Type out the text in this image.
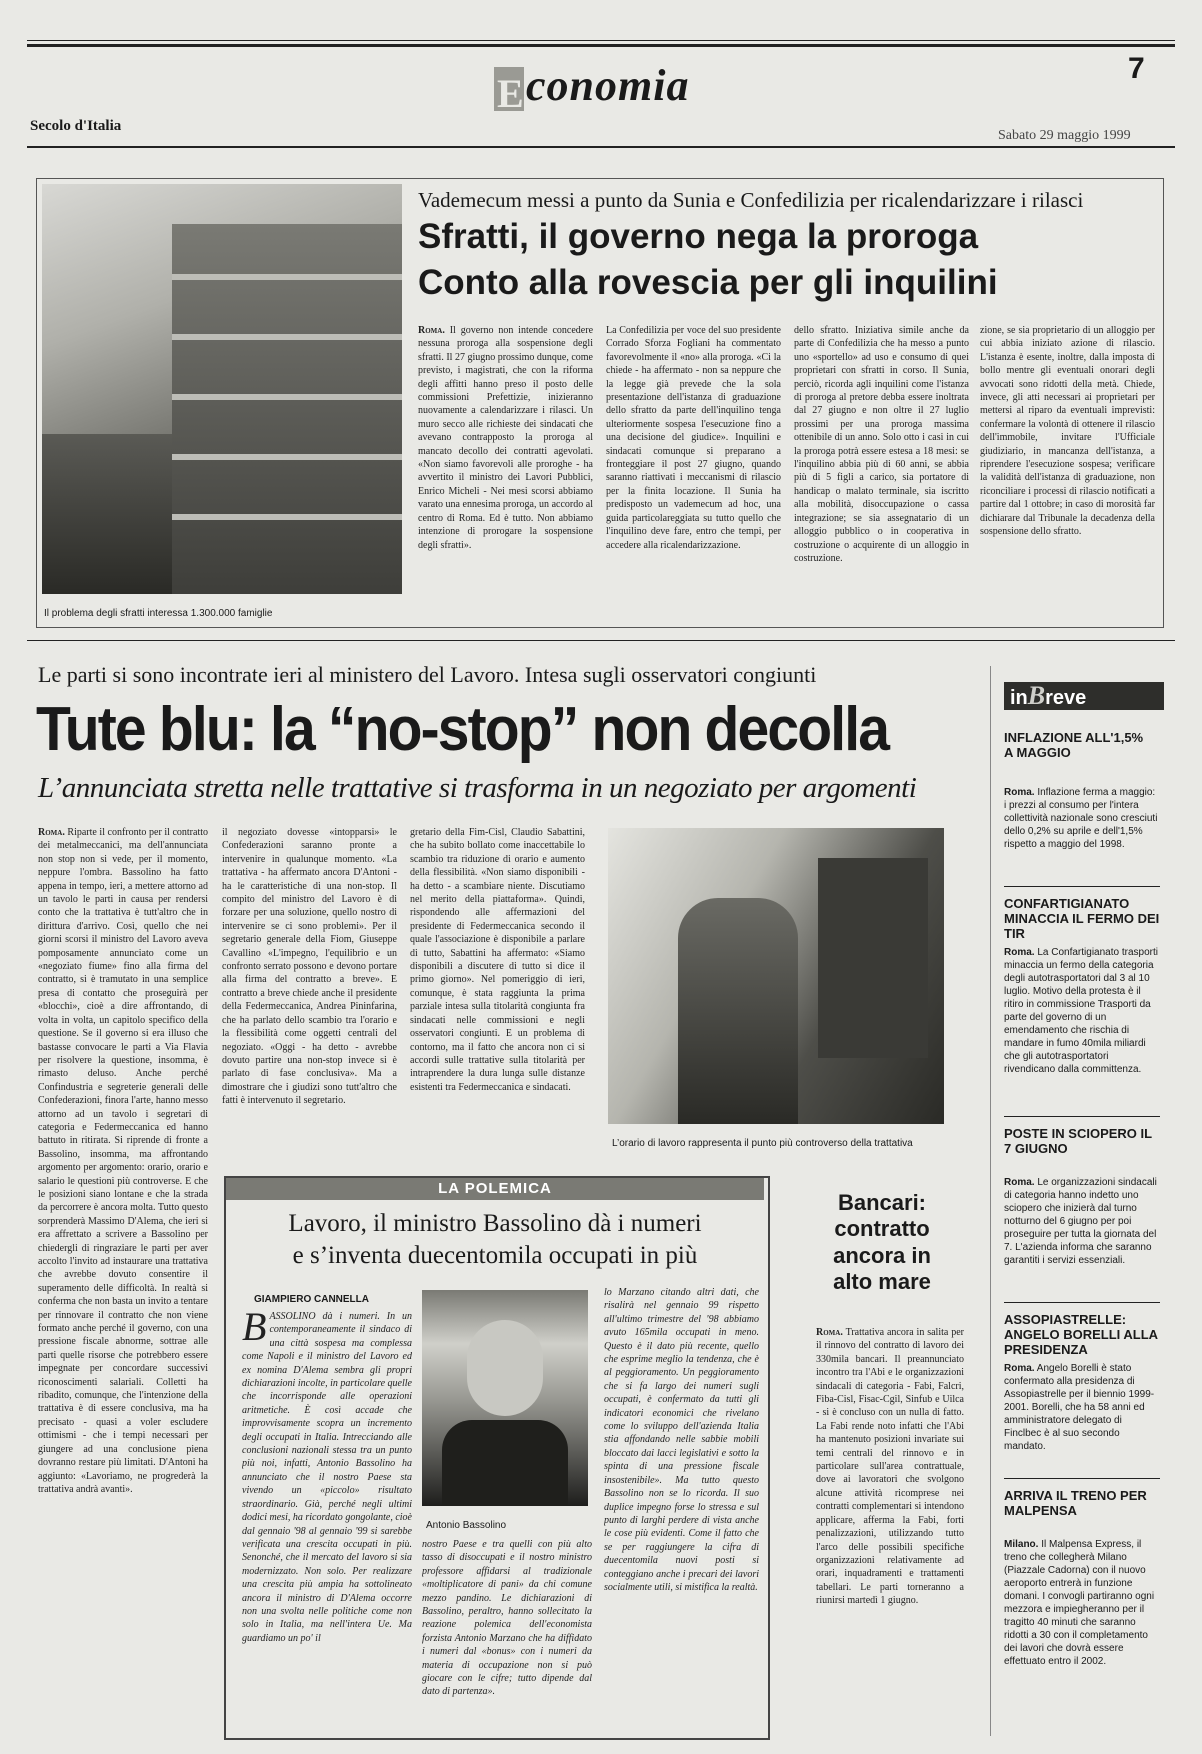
Secolo d'Italia
Economia	7
Sabato 29 maggio 1999
Il problema degli sfratti interessa 1.300.000 famiglie
Vademecum messi a punto da Sunia e Confedilizia per ricalendarizzare i rilasci
Sfratti, il governo nega la proroga
Conto alla rovescia per gli inquilini
Roma. Il governo non intende concedere nessuna proroga alla sospensione degli sfratti. Il 27 giugno prossimo dunque, come previsto, i magistrati, che con la riforma degli affitti hanno preso il posto delle commissioni Prefettizie, inizieranno nuovamente a calendarizzare i rilasci. Un muro secco alle richieste dei sindacati che avevano contrapposto la proroga al mancato decollo dei contratti agevolati. «Non siamo favorevoli alle proroghe - ha avvertito il ministro dei Lavori Pubblici, Enrico Micheli - Nei mesi scorsi abbiamo varato una ennesima proroga, un accordo al centro di Roma. Ed è tutto. Non abbiamo intenzione di prorogare la sospensione degli sfratti».
La Confedilizia per voce del suo presidente Corrado Sforza Fogliani ha commentato favorevolmente il «no» alla proroga. «Ci la chiede - ha affermato - non sa neppure che la legge già prevede che la sola presentazione dell'istanza di graduazione dello sfratto da parte dell'inquilino tenga ulteriormente sospesa l'esecuzione fino a una decisione del giudice». Inquilini e sindacati comunque si preparano a fronteggiare il post 27 giugno, quando saranno riattivati i meccanismi di rilascio per la finita locazione. Il Sunia ha predisposto un vademecum ad hoc, una guida particolareggiata su tutto quello che l'inquilino deve fare, entro che tempi, per accedere alla ricalendarizzazione.
dello sfratto. Iniziativa simile anche da parte di Confedilizia che ha messo a punto uno «sportello» ad uso e consumo di quei proprietari con sfratti in corso. Il Sunia, perciò, ricorda agli inquilini come l'istanza di proroga al pretore debba essere inoltrata dal 27 giugno e non oltre il 27 luglio prossimi per una proroga massima ottenibile di un anno. Solo otto i casi in cui la proroga potrà essere estesa a 18 mesi: se l'inquilino abbia più di 60 anni, se abbia più di 5 figli a carico, sia portatore di handicap o malato terminale, sia iscritto alla mobilità, disoccupazione o cassa integrazione; se sia assegnatario di un alloggio pubblico o in cooperativa in costruzione o acquirente di un alloggio in costruzione.
zione, se sia proprietario di un alloggio per cui abbia iniziato azione di rilascio. L'istanza è esente, inoltre, dalla imposta di bollo mentre gli eventuali onorari degli avvocati sono ridotti della metà. Chiede, invece, gli atti necessari ai proprietari per mettersi al riparo da eventuali imprevisti: confermare la volontà di ottenere il rilascio dell'immobile, invitare l'Ufficiale giudiziario, in mancanza dell'istanza, a riprendere l'esecuzione sospesa; verificare la validità dell'istanza di graduazione, non riconciliare i processi di rilascio notificati a partire dal 1 ottobre; in caso di morosità far dichiarare dal Tribunale la decadenza della sospensione dello sfratto.
Le parti si sono incontrate ieri al ministero del Lavoro. Intesa sugli osservatori congiunti
Tute blu: la “no-stop” non decolla
L’annunciata stretta nelle trattative si trasforma in un negoziato per argomenti
Roma. Riparte il confronto per il contratto dei metalmeccanici, ma dell'annunciata non stop non si vede, per il momento, neppure l'ombra. Bassolino ha fatto appena in tempo, ieri, a mettere attorno ad un tavolo le parti in causa per rendersi conto che la trattativa è tutt'altro che in dirittura d'arrivo. Così, quello che nei giorni scorsi il ministro del Lavoro aveva pomposamente annunciato come un «negoziato fiume» fino alla firma del contratto, si è tramutato in una semplice presa di contatto che proseguirà per «blocchi», cioè a dire affrontando, di volta in volta, un capitolo specifico della questione. Se il governo si era illuso che bastasse convocare le parti a Via Flavia per risolvere la questione, insomma, è rimasto deluso. Anche perché Confindustria e segreterie generali delle Confederazioni, finora l'arte, hanno messo attorno ad un tavolo i segretari di categoria e Federmeccanica ed hanno battuto in ritirata. Si riprende di fronte a Bassolino, insomma, ma affrontando argomento per argomento: orario, orario e salario le questioni più controverse. E che le posizioni siano lontane e che la strada da percorrere è ancora molta. Tutto questo sorprenderà Massimo D'Alema, che ieri si era affrettato a scrivere a Bassolino per chiedergli di ringraziare le parti per aver accolto l'invito ad instaurare una trattativa che avrebbe dovuto consentire il superamento delle difficoltà. In realtà si conferma che non basta un invito a tentare per rinnovare il contratto che non viene formato anche perché il governo, con una pressione fiscale abnorme, sottrae alle parti quelle risorse che potrebbero essere impegnate per concordare successivi riconoscimenti salariali. Colletti ha ribadito, comunque, che l'intenzione della trattativa è di essere conclusiva, ma ha precisato - quasi a voler escludere ottimismi - che i tempi necessari per giungere ad una conclusione piena dovranno restare più limitati. D'Antoni ha aggiunto: «Lavoriamo, ne progrederà la trattativa andrà avanti».
il negoziato dovesse «intopparsi» le Confederazioni saranno pronte a intervenire in qualunque momento. «La trattativa - ha affermato ancora D'Antoni - ha le caratteristiche di una non-stop. Il compito del ministro del Lavoro è di forzare per una soluzione, quello nostro di intervenire se ci sono problemi». Per il segretario generale della Fiom, Giuseppe Cavallino «L'impegno, l'equilibrio e un confronto serrato possono e devono portare alla firma del contratto a breve». E contratto a breve chiede anche il presidente della Federmeccanica, Andrea Pininfarina, che ha parlato dello scambio tra l'orario e la flessibilità come oggetti centrali del negoziato. «Oggi - ha detto - avrebbe dovuto partire una non-stop invece si è parlato di fase conclusiva». Ma a dimostrare che i giudizi sono tutt'altro che fatti è intervenuto il segretario.
gretario della Fim-Cisl, Claudio Sabattini, che ha subito bollato come inaccettabile lo scambio tra riduzione di orario e aumento della flessibilità. «Non siamo disponibili - ha detto - a scambiare niente. Discutiamo nel merito della piattaforma». Quindi, rispondendo alle affermazioni del presidente di Federmeccanica secondo il quale l'associazione è disponibile a parlare di tutto, Sabattini ha affermato: «Siamo disponibili a discutere di tutto si dice il primo giorno». Nel pomeriggio di ieri, comunque, è stata raggiunta la prima parziale intesa sulla titolarità congiunta fra sindacati nelle commissioni e negli osservatori congiunti. E un problema di contorno, ma il fatto che ancora non ci si accordi sulle trattative sulla titolarità per intraprendere la dura lunga sulle distanze esistenti tra Federmeccanica e sindacati.
L’orario di lavoro rappresenta il punto più controverso della trattativa
LA POLEMICA
Lavoro, il ministro Bassolino dà i numeri
e s’inventa duecentomila occupati in più
GIAMPIERO CANNELLA
BASSOLINO dà i numeri. In un contemporaneamente il sindaco di una città sospesa ma complessa come Napoli e il ministro del Lavoro ed ex nomina D'Alema sembra gli propri dichiarazioni incolte, in particolare quelle che incorrisponde alle operazioni aritmetiche. È così accade che improvvisamente scopra un incremento degli occupati in Italia. Intrecciando alle conclusioni nazionali stessa tra un punto più noi, infatti, Antonio Bassolino ha annunciato che il nostro Paese sta vivendo un «piccolo» risultato straordinario. Già, perché negli ultimi dodici mesi, ha ricordato gongolante, cioè dal gennaio '98 al gennaio '99 si sarebbe verificata una crescita occupati in più. Senonché, che il mercato del lavoro si sia modernizzato. Non solo. Per realizzare una crescita più ampia ha sottolineato ancora il ministro di D'Alema occorre non una svolta nelle politiche come non solo in Italia, ma nell'intera Ue. Ma guardiamo un po' il
Antonio Bassolino
nostro Paese e tra quelli con più alto tasso di disoccupati e il nostro ministro professore affidarsi al tradizionale «moltiplicatore di pani» da chi comune mezzo pandino. Le dichiarazioni di Bassolino, peraltro, hanno sollecitato la reazione polemica dell'economista forzista Antonio Marzano che ha diffidato i numeri dal «bonus» con i numeri da materia di occupazione non si può giocare con le cifre; tutto dipende dal dato di partenza».
lo Marzano citando altri dati, che risalirà nel gennaio 99 rispetto all'ultimo trimestre del '98 abbiamo avuto 165mila occupati in meno. Questo è il dato più recente, quello che esprime meglio la tendenza, che è al peggioramento. Un peggioramento che si fa largo dei numeri sugli occupati, è confermato da tutti gli indicatori economici che rivelano come lo sviluppo dell'azienda Italia stia affondando nelle sabbie mobili bloccato dai lacci legislativi e sotto la spinta di una pressione fiscale insostenibile». Ma tutto questo Bassolino non se lo ricorda. Il suo duplice impegno forse lo stressa e sul punto di larghi perdere di vista anche le cose più evidenti. Come il fatto che se per raggiungere la cifra di duecentomila nuovi posti si conteggiano anche i precari dei lavori socialmente utili, si mistifica la realtà.
Bancari: contratto ancora in alto mare
Roma. Trattativa ancora in salita per il rinnovo del contratto di lavoro dei 330mila bancari. Il preannunciato incontro tra l'Abi e le organizzazioni sindacali di categoria - Fabi, Falcri, Fiba-Cisl, Fisac-Cgil, Sinfub e Uilca - si è concluso con un nulla di fatto. La Fabi rende noto infatti che l'Abi ha mantenuto posizioni invariate sui temi centrali del rinnovo e in particolare sull'area contrattuale, dove ai lavoratori che svolgono alcune attività ricomprese nei contratti complementari si intendono applicare, afferma la Fabi, forti penalizzazioni, utilizzando tutto l'arco delle possibili specifiche organizzazioni relativamente ad orari, inquadramenti e trattamenti tabellari. Le parti torneranno a riunirsi martedì 1 giugno.
inBreve
INFLAZIONE ALL'1,5% A MAGGIO
Roma. Inflazione ferma a maggio: i prezzi al consumo per l'intera collettività nazionale sono cresciuti dello 0,2% su aprile e dell'1,5% rispetto a maggio del 1998.
CONFARTIGIANATO MINACCIA IL FERMO DEI TIR
Roma. La Confartigianato trasporti minaccia un fermo della categoria degli autotrasportatori dal 3 al 10 luglio. Motivo della protesta è il ritiro in commissione Trasporti da parte del governo di un emendamento che rischia di mandare in fumo 40mila miliardi che gli autotrasportatori rivendicano dalla committenza.
POSTE IN SCIOPERO IL 7 GIUGNO
Roma. Le organizzazioni sindacali di categoria hanno indetto uno sciopero che inizierà dal turno notturno del 6 giugno per poi proseguire per tutta la giornata del 7. L'azienda informa che saranno garantiti i servizi essenziali.
ASSOPIASTRELLE: ANGELO BORELLI ALLA PRESIDENZA
Roma. Angelo Borelli è stato confermato alla presidenza di Assopiastrelle per il biennio 1999-2001. Borelli, che ha 58 anni ed amministratore delegato di Finclbec è al suo secondo mandato.
ARRIVA IL TRENO PER MALPENSA
Milano. Il Malpensa Express, il treno che collegherà Milano (Piazzale Cadorna) con il nuovo aeroporto entrerà in funzione domani. I convogli partiranno ogni mezzora e impiegheranno per il tragitto 40 minuti che saranno ridotti a 30 con il completamento dei lavori che dovrà essere effettuato entro il 2002.
